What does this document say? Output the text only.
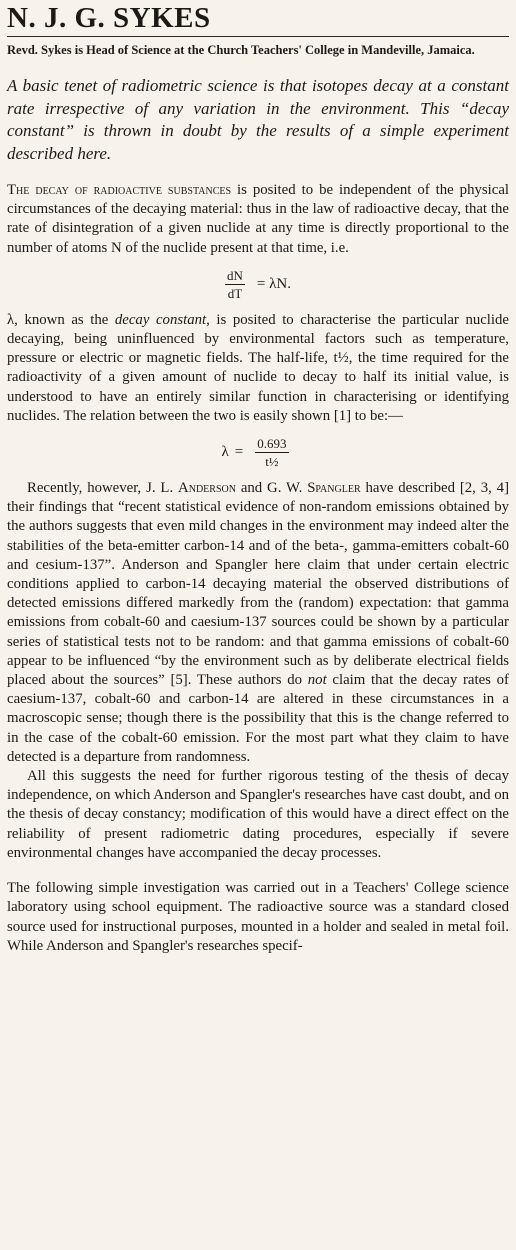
N. J. G. SYKES

Revd. Sykes is Head of Science at the Church Teachers' College in Mandeville, Jamaica.

A basic tenet of radiometric science is that isotopes decay at a constant rate irrespective of any variation in the environment. This “decay constant” is thrown in doubt by the results of a simple experiment described here.

The decay of radioactive substances is posited to be independent of the physical circumstances of the decaying material: thus in the law of radioactive decay, that the rate of disintegration of a given nuclide at any time is directly proportional to the number of atoms N of the nuclide present at that time, i.e.

$\frac{dN}{dT} = \lambda N$.

λ, known as the decay constant, is posited to characterise the particular nuclide decaying, being uninfluenced by environmental factors such as temperature, pressure or electric or magnetic fields. The half-life, t½, the time required for the radioactivity of a given amount of nuclide to decay to half its initial value, is understood to have an entirely similar function in characterising or identifying nuclides. The relation between the two is easily shown [1] to be:—

$\lambda = \frac{0.693}{\text{t½}}$

Recently, however, J. L. Anderson and G. W. Spangler have described [2, 3, 4] their findings that “recent statistical evidence of non-random emissions obtained by the authors suggests that even mild changes in the environment may indeed alter the stabilities of the beta-emitter carbon-14 and of the beta-, gamma-emitters cobalt-60 and cesium-137”. Anderson and Spangler here claim that under certain electric conditions applied to carbon-14 decaying material the observed distributions of detected emissions differed markedly from the (random) expectation: that gamma emissions from cobalt-60 and caesium-137 sources could be shown by a particular series of statistical tests not to be random: and that gamma emissions of cobalt-60 appear to be influenced “by the environment such as by deliberate electrical fields placed about the sources” [5]. These authors do not claim that the decay rates of caesium-137, cobalt-60 and carbon-14 are altered in these circumstances in a macroscopic sense; though there is the possibility that this is the change referred to in the case of the cobalt-60 emission. For the most part what they claim to have detected is a departure from randomness.

All this suggests the need for further rigorous testing of the thesis of decay independence, on which Anderson and Spangler's researches have cast doubt, and on the thesis of decay constancy; modification of this would have a direct effect on the reliability of present radiometric dating procedures, especially if severe environmental changes have accompanied the decay processes.

The following simple investigation was carried out in a Teachers' College science laboratory using school equipment. The radioactive source was a standard closed source used for instructional purposes, mounted in a holder and sealed in metal foil. While Anderson and Spangler's researches specif-
